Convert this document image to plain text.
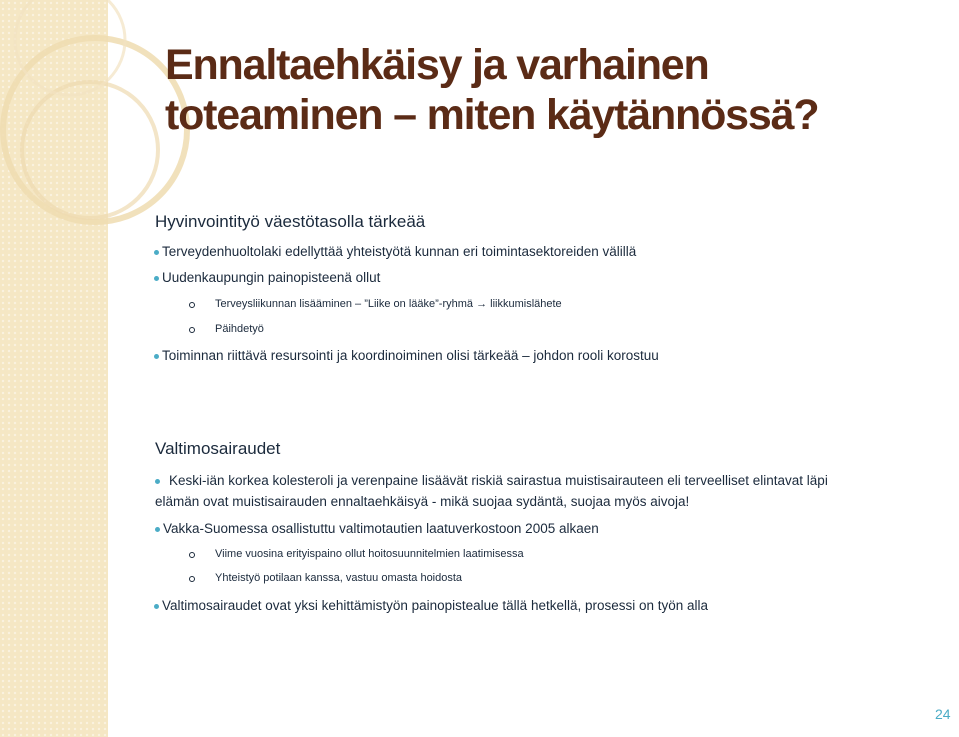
Ennaltaehkäisy ja varhainen
toteaminen – miten käytännössä?
Hyvinvointityö väestötasolla tärkeää
Terveydenhuoltolaki edellyttää yhteistyötä kunnan eri toimintasektoreiden välillä
Uudenkaupungin painopisteenä ollut
Terveysliikunnan lisääminen – ”Liike on lääke”-ryhmä → liikkumislähete
Päihdetyö
Toiminnan riittävä resursointi ja koordinoiminen olisi tärkeää – johdon rooli korostuu
Valtimosairaudet
Keski-iän korkea kolesteroli ja verenpaine lisäävät riskiä sairastua muistisairauteen eli terveelliset elintavat läpi
elämän ovat muistisairauden ennaltaehkäisyä - mikä suojaa sydäntä, suojaa myös aivoja!
Vakka-Suomessa osallistuttu valtimotautien laatuverkostoon 2005 alkaen
Viime vuosina erityispaino ollut hoitosuunnitelmien laatimisessa
Yhteistyö potilaan kanssa, vastuu omasta hoidosta
Valtimosairaudet ovat yksi kehittämistyön painopistealue tällä hetkellä, prosessi on työn alla
24
